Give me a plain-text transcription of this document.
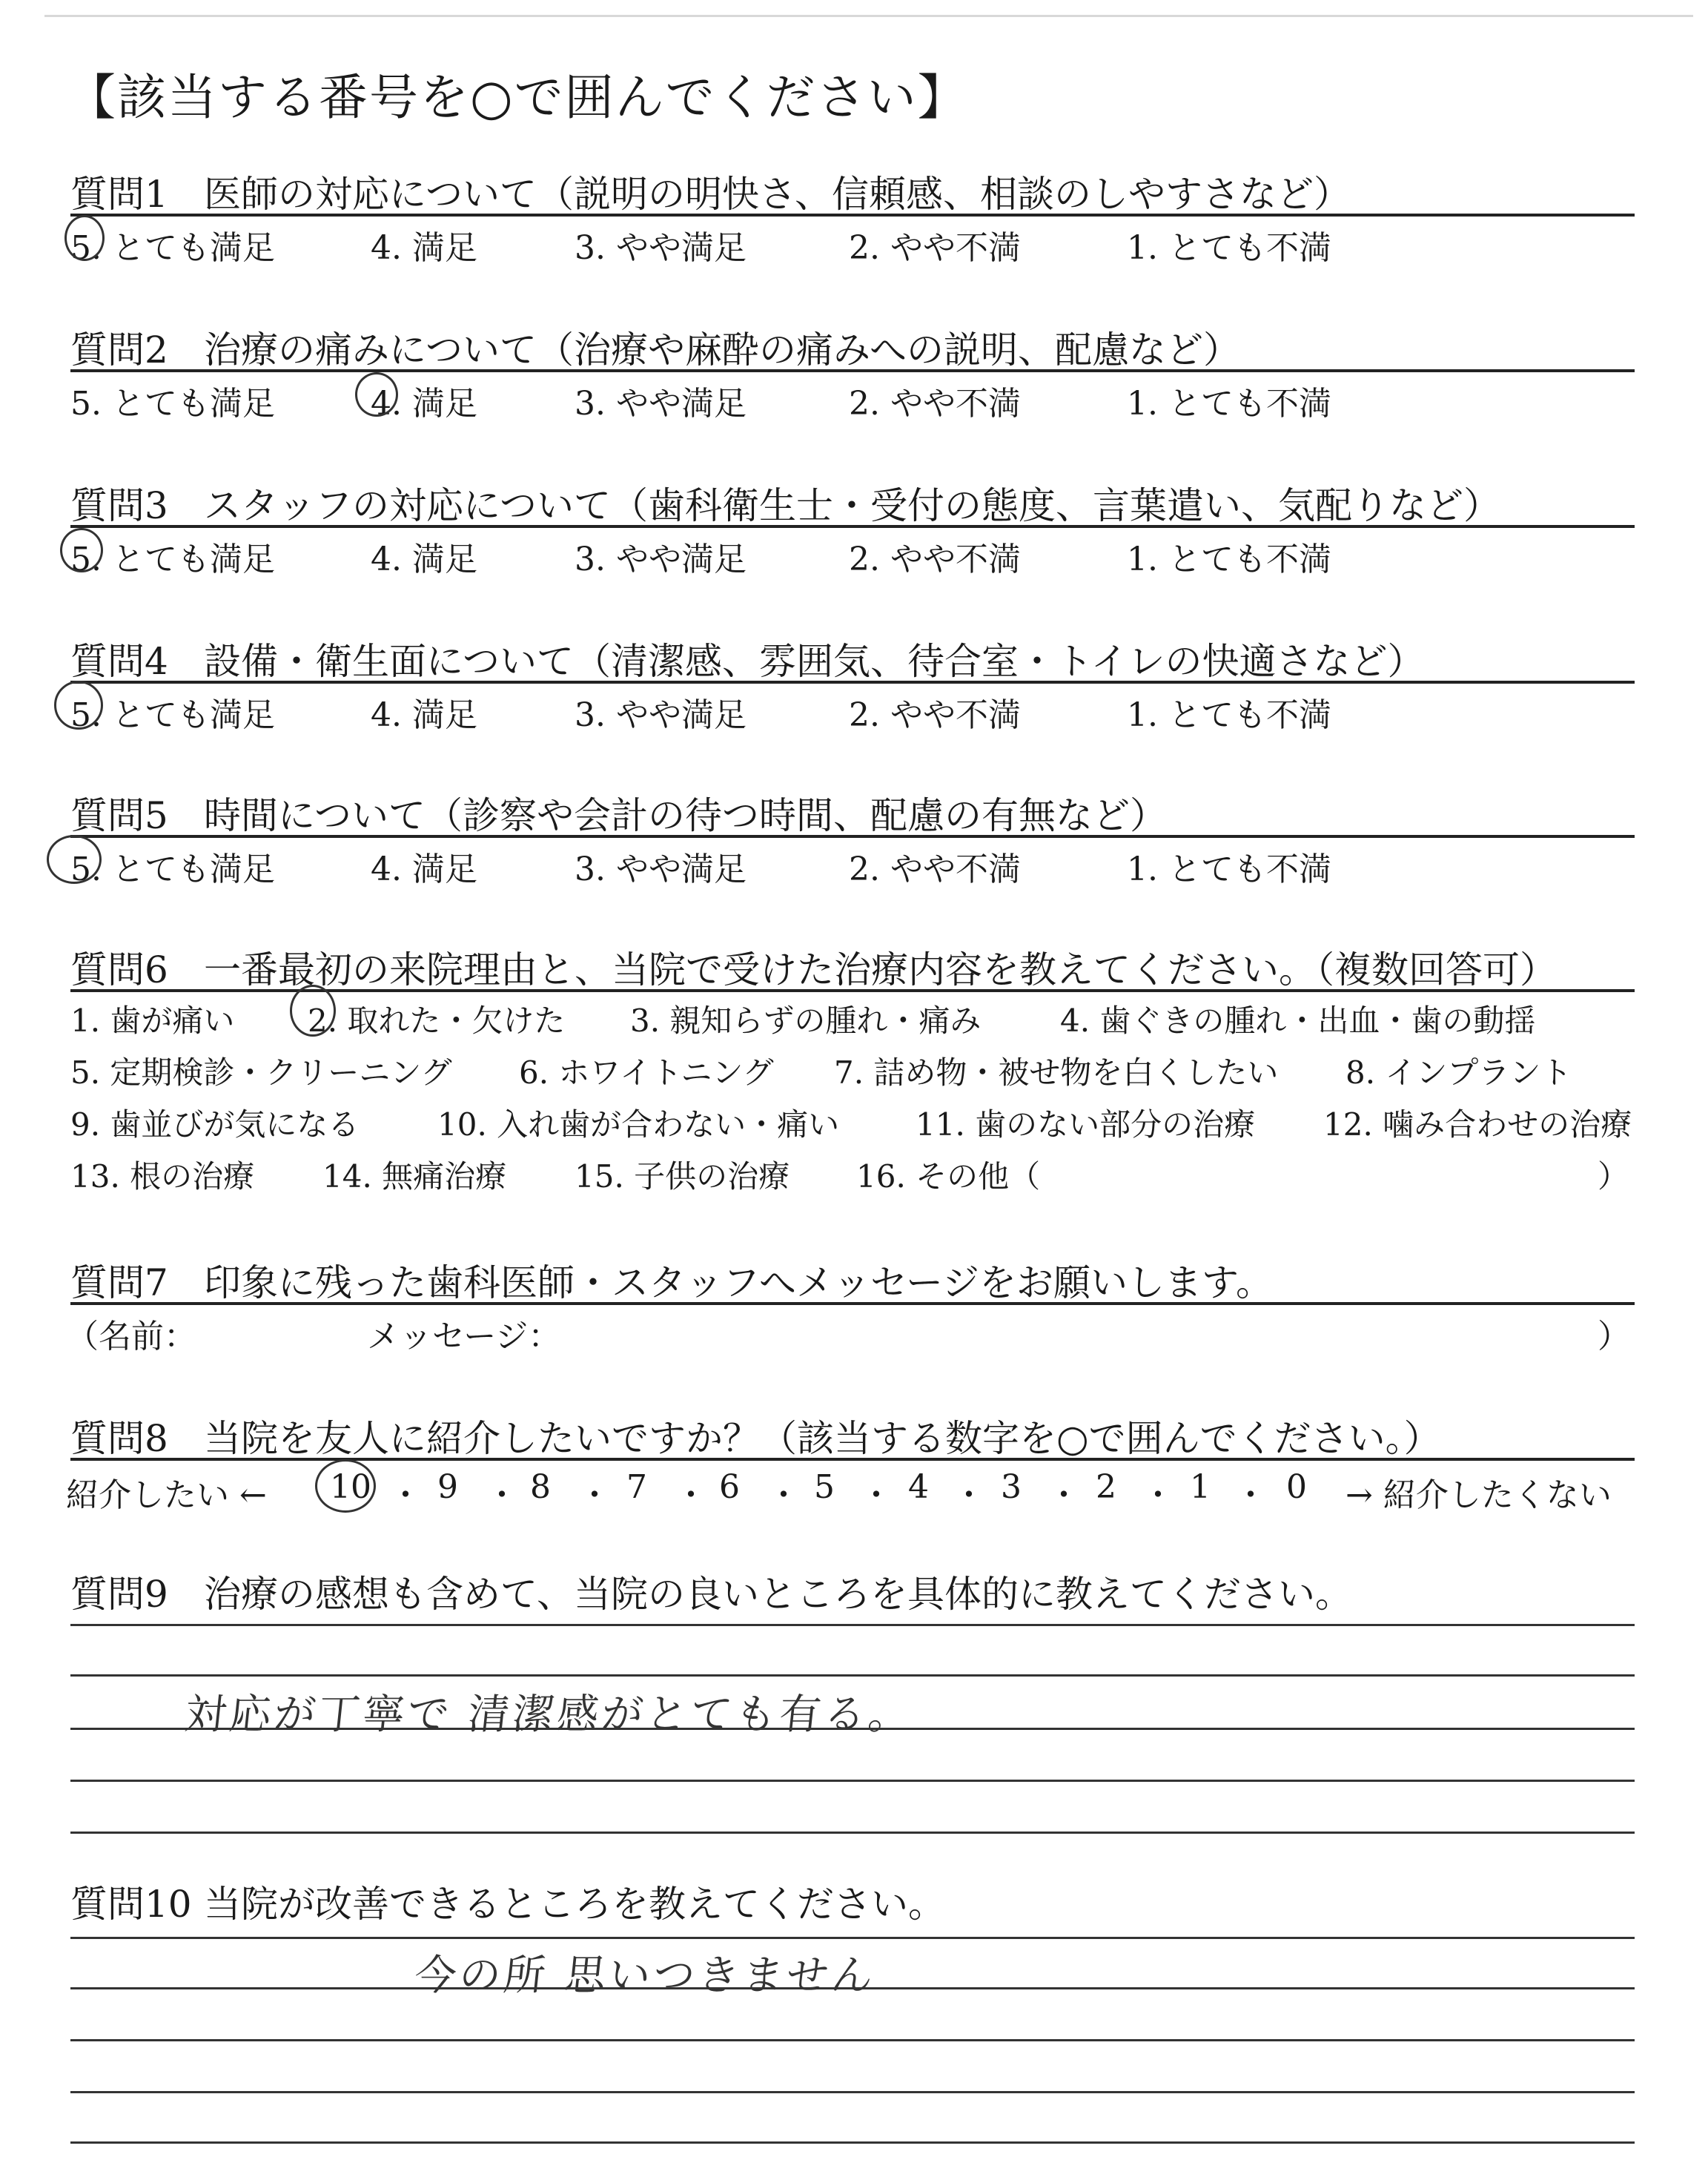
【該当する番号を○で囲んでください】
質問1 医師の対応について（説明の明快さ、信頼感、相談のしやすさなど）
5. とても満足	4. 満足	3. やや満足	2. やや不満	1. とても不満
質問2 治療の痛みについて（治療や麻酔の痛みへの説明、配慮など）
5. とても満足	4. 満足	3. やや満足	2. やや不満	1. とても不満
質問3 スタッフの対応について（歯科衛生士・受付の態度、言葉遣い、気配りなど）
5. とても満足	4. 満足	3. やや満足	2. やや不満	1. とても不満
質問4 設備・衛生面について（清潔感、雰囲気、待合室・トイレの快適さなど）
5. とても満足	4. 満足	3. やや満足	2. やや不満	1. とても不満
質問5 時間について（診察や会計の待つ時間、配慮の有無など）
5. とても満足	4. 満足	3. やや満足	2. やや不満	1. とても不満
質問6 一番最初の来院理由と、当院で受けた治療内容を教えてください。（複数回答可）
1. 歯が痛い 2. 取れた・欠けた 3. 親知らずの腫れ・痛み	4. 歯ぐきの腫れ・出血・歯の動揺
5. 定期検診・クリーニング 6. ホワイトニング 7. 詰め物・被せ物を白くしたい 8. インプラント
9. 歯並びが気になる	10. 入れ歯が合わない・痛い 11. 歯のない部分の治療 12. 噛み合わせの治療
13. 根の治療 14. 無痛治療 15. 子供の治療 16. その他（	）
質問7 印象に残った歯科医師・スタッフへメッセージをお願いします。
（名前：	メッセージ：	）
質問8 当院を友人に紹介したいですか？（該当する数字を○で囲んでください。）
紹介したい ← 10 ・ 9 ・ 8 ・ 7 ・ 6 ・ 5 ・ 4 ・ 3 ・ 2 ・ 1 ・ 0 → 紹介したくない
質問9 治療の感想も含めて、当院の良いところを具体的に教えてください。
対応が丁寧で 清潔感がとても有る。
質問10 当院が改善できるところを教えてください。
今の所 思いつきません
